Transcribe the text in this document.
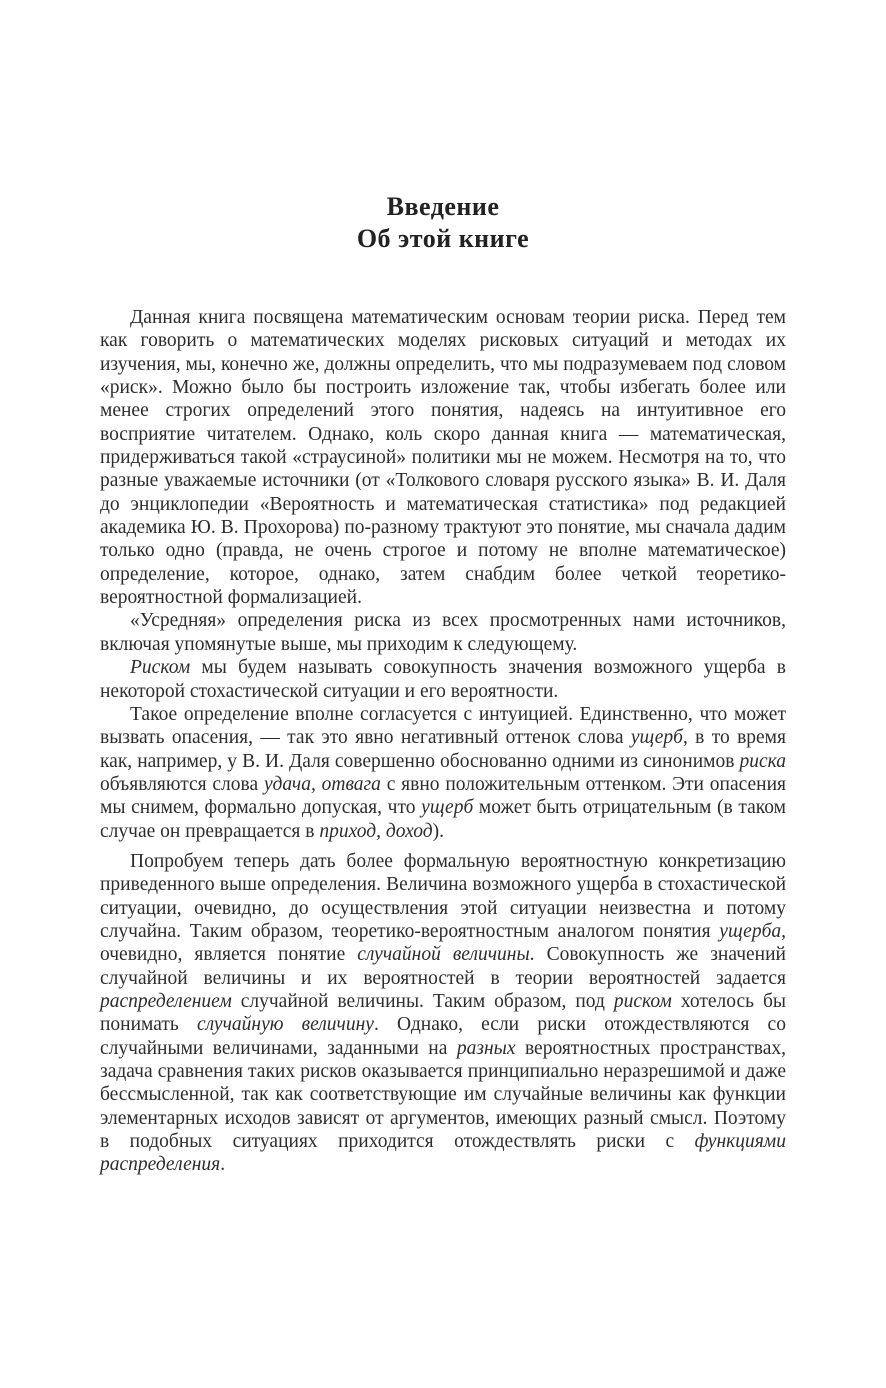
Введение
Об этой книге

Данная книга посвящена математическим основам теории риска. Перед тем как говорить о математических моделях рисковых ситуаций и методах их изучения, мы, конечно же, должны определить, что мы подразумеваем под словом «риск». Можно было бы построить изложение так, чтобы избегать более или менее строгих определений этого понятия, надеясь на интуитивное его восприятие читателем. Однако, коль скоро данная книга — математическая, придерживаться такой «страусиной» политики мы не можем. Несмотря на то, что разные уважаемые источники (от «Толкового словаря русского языка» В. И. Даля до энциклопедии «Вероятность и математическая статистика» под редакцией академика Ю. В. Прохорова) по-разному трактуют это понятие, мы сначала дадим только одно (правда, не очень строгое и потому не вполне математическое) определение, которое, однако, затем снабдим более четкой теоретико-вероятностной формализацией.

«Усредняя» определения риска из всех просмотренных нами источников, включая упомянутые выше, мы приходим к следующему.

Риском мы будем называть совокупность значения возможного ущерба в некоторой стохастической ситуации и его вероятности.

Такое определение вполне согласуется с интуицией. Единственно, что может вызвать опасения, — так это явно негативный оттенок слова ущерб, в то время как, например, у В. И. Даля совершенно обоснованно одними из синонимов риска объявляются слова удача, отвага с явно положительным оттенком. Эти опасения мы снимем, формально допуская, что ущерб может быть отрицательным (в таком случае он превращается в приход, доход).

Попробуем теперь дать более формальную вероятностную конкретизацию приведенного выше определения. Величина возможного ущерба в стохастической ситуации, очевидно, до осуществления этой ситуации неизвестна и потому случайна. Таким образом, теоретико-вероятностным аналогом понятия ущерба, очевидно, является понятие случайной величины. Совокупность же значений случайной величины и их вероятностей в теории вероятностей задается распределением случайной величины. Таким образом, под риском хотелось бы понимать случайную величину. Однако, если риски отождествляются со случайными величинами, заданными на разных вероятностных пространствах, задача сравнения таких рисков оказывается принципиально неразрешимой и даже бессмысленной, так как соответствующие им случайные величины как функции элементарных исходов зависят от аргументов, имеющих разный смысл. Поэтому в подобных ситуациях приходится отождествлять риски с функциями распределения.
